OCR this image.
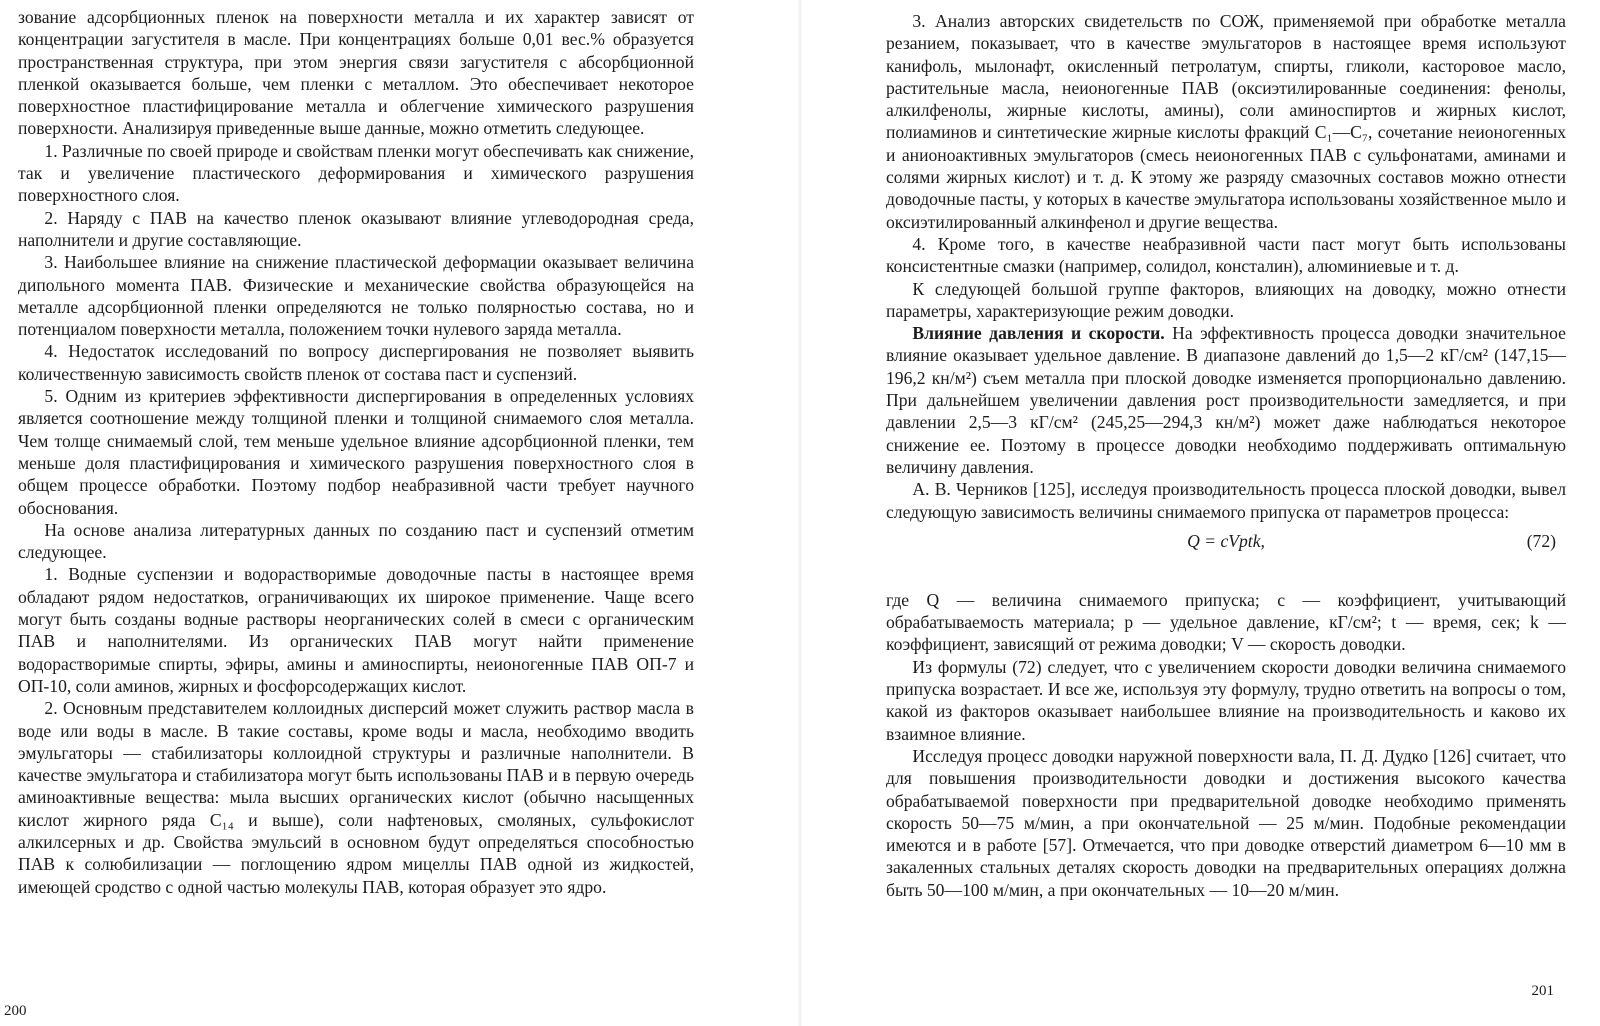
зование адсорбционных пленок на поверхности металла и их характер зависят от концентрации загустителя в масле. При концентрациях больше 0,01 вес.% образуется пространственная структура, при этом энергия связи загустителя с абсорбционной пленкой оказывается больше, чем пленки с металлом. Это обеспечивает некоторое поверхностное пластифицирование металла и облегчение химического разрушения поверхности. Анализируя приведенные выше данные, можно отметить следующее.

1. Различные по своей природе и свойствам пленки могут обеспечивать как снижение, так и увеличение пластического деформирования и химического разрушения поверхностного слоя.

2. Наряду с ПАВ на качество пленок оказывают влияние углеводородная среда, наполнители и другие составляющие.

3. Наибольшее влияние на снижение пластической деформации оказывает величина дипольного момента ПАВ. Физические и механические свойства образующейся на металле адсорбционной пленки определяются не только полярностью состава, но и потенциалом поверхности металла, положением точки нулевого заряда металла.

4. Недостаток исследований по вопросу диспергирования не позволяет выявить количественную зависимость свойств пленок от состава паст и суспензий.

5. Одним из критериев эффективности диспергирования в определенных условиях является соотношение между толщиной пленки и толщиной снимаемого слоя металла. Чем толще снимаемый слой, тем меньше удельное влияние адсорбционной пленки, тем меньше доля пластифицирования и химического разрушения поверхностного слоя в общем процессе обработки. Поэтому подбор неабразивной части требует научного обоснования.

На основе анализа литературных данных по созданию паст и суспензий отметим следующее.

1. Водные суспензии и водорастворимые доводочные пасты в настоящее время обладают рядом недостатков, ограничивающих их широкое применение. Чаще всего могут быть созданы водные растворы неорганических солей в смеси с органическим ПАВ и наполнителями. Из органических ПАВ могут найти применение водорастворимые спирты, эфиры, амины и аминоспирты, неионогенные ПАВ ОП-7 и ОП-10, соли аминов, жирных и фосфорсодержащих кислот.

2. Основным представителем коллоидных дисперсий может служить раствор масла в воде или воды в масле. В такие составы, кроме воды и масла, необходимо вводить эмульгаторы — стабилизаторы коллоидной структуры и различные наполнители. В качестве эмульгатора и стабилизатора могут быть использованы ПАВ и в первую очередь аминоактивные вещества: мыла высших органических кислот (обычно насыщенных кислот жирного ряда С₁₄ и выше), соли нафтеновых, смоляных, сульфокислот алкилсерных и др. Свойства эмульсий в основном будут определяться способностью ПАВ к солюбилизации — поглощению ядром мицеллы ПАВ одной из жидкостей, имеющей сродство с одной частью молекулы ПАВ, которая образует это ядро.

200

3. Анализ авторских свидетельств по СОЖ, применяемой при обработке металла резанием, показывает, что в качестве эмульгаторов в настоящее время используют канифоль, мылонафт, окисленный петролатум, спирты, гликоли, касторовое масло, растительные масла, неионогенные ПАВ (оксиэтилированные соединения: фенолы, алкилфенолы, жирные кислоты, амины), соли аминоспиртов и жирных кислот, полиаминов и синтетические жирные кислоты фракций С₁—С₇, сочетание неионогенных и анионоактивных эмульгаторов (смесь неионогенных ПАВ с сульфонатами, аминами и солями жирных кислот) и т. д. К этому же разряду смазочных составов можно отнести доводочные пасты, у которых в качестве эмульгатора использованы хозяйственное мыло и оксиэтилированный алкинфенол и другие вещества.

4. Кроме того, в качестве неабразивной части паст могут быть использованы консистентные смазки (например, солидол, консталин), алюминиевые и т. д.

К следующей большой группе факторов, влияющих на доводку, можно отнести параметры, характеризующие режим доводки.

Влияние давления и скорости. На эффективность процесса доводки значительное влияние оказывает удельное давление. В диапазоне давлений до 1,5—2 кГ/см² (147,15—196,2 кн/м²) съем металла при плоской доводке изменяется пропорционально давлению. При дальнейшем увеличении давления рост производительности замедляется, и при давлении 2,5—3 кГ/см² (245,25—294,3 кн/м²) может даже наблюдаться некоторое снижение ее. Поэтому в процессе доводки необходимо поддерживать оптимальную величину давления.

А. В. Черников [125], исследуя производительность процесса плоской доводки, вывел следующую зависимость величины снимаемого припуска от параметров процесса:

Q = cVptk,	(72)

где Q — величина снимаемого припуска; c — коэффициент, учитывающий обрабатываемость материала; p — удельное давление, кГ/см²; t — время, сек; k — коэффициент, зависящий от режима доводки; V — скорость доводки.

Из формулы (72) следует, что с увеличением скорости доводки величина снимаемого припуска возрастает. И все же, используя эту формулу, трудно ответить на вопросы о том, какой из факторов оказывает наибольшее влияние на производительность и каково их взаимное влияние.

Исследуя процесс доводки наружной поверхности вала, П. Д. Дудко [126] считает, что для повышения производительности доводки и достижения высокого качества обрабатываемой поверхности при предварительной доводке необходимо применять скорость 50—75 м/мин, а при окончательной — 25 м/мин. Подобные рекомендации имеются и в работе [57]. Отмечается, что при доводке отверстий диаметром 6—10 мм в закаленных стальных деталях скорость доводки на предварительных операциях должна быть 50—100 м/мин, а при окончательных — 10—20 м/мин.

201
